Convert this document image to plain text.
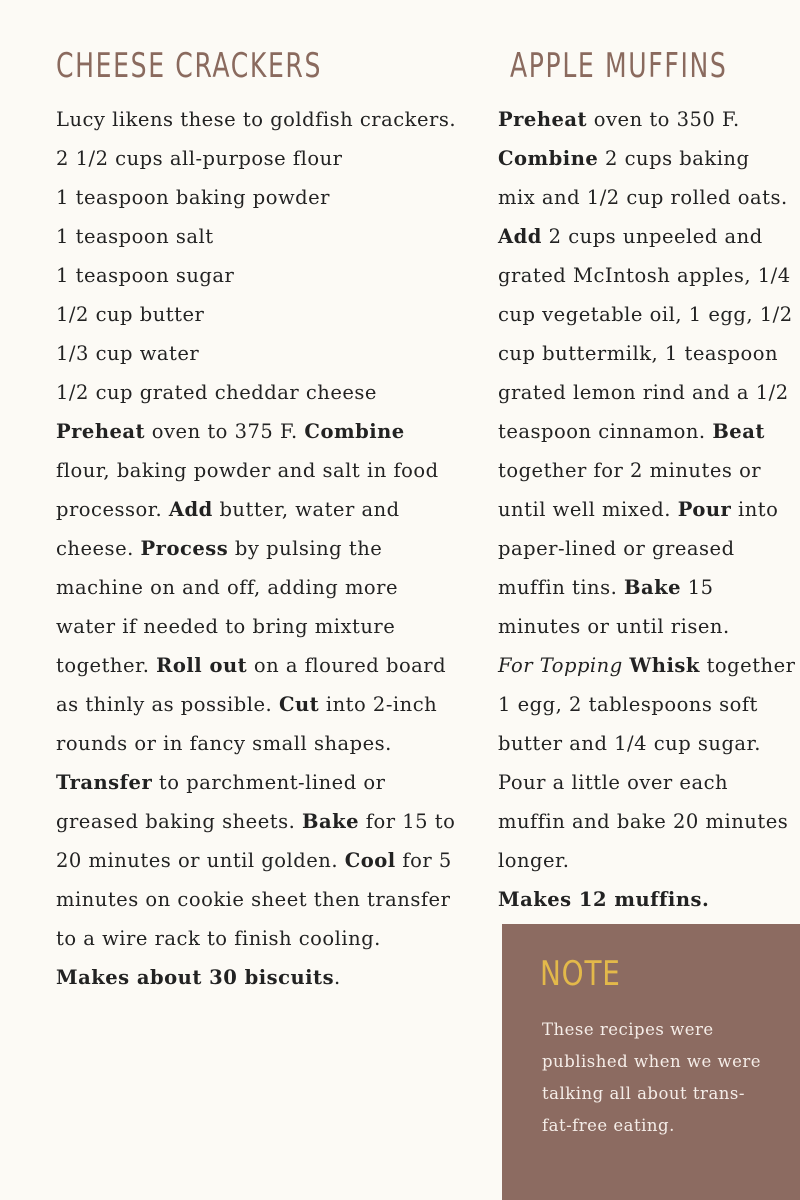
CHEESE CRACKERS

Lucy likens these to goldfish crackers.

2 1/2 cups all-purpose flour

1 teaspoon baking powder

1 teaspoon salt

1 teaspoon sugar

1/2 cup butter

1/3 cup water

1/2 cup grated cheddar cheese

Preheat oven to 375 F. Combine

flour, baking powder and salt in food

processor. Add butter, water and

cheese. Process by pulsing the

machine on and off, adding more

water if needed to bring mixture

together. Roll out on a floured board

as thinly as possible. Cut into 2-inch

rounds or in fancy small shapes.

Transfer to parchment-lined or

greased baking sheets. Bake for 15 to

20 minutes or until golden. Cool for 5

minutes on cookie sheet then transfer

to a wire rack to finish cooling.

Makes about 30 biscuits.

APPLE MUFFINS

Preheat oven to 350 F.

Combine 2 cups baking

mix and 1/2 cup rolled oats.

Add 2 cups unpeeled and

grated McIntosh apples, 1/4

cup vegetable oil, 1 egg, 1/2

cup buttermilk, 1 teaspoon

grated lemon rind and a 1/2

teaspoon cinnamon. Beat

together for 2 minutes or

until well mixed. Pour into

paper-lined or greased

muffin tins. Bake 15

minutes or until risen.

For Topping Whisk together

1 egg, 2 tablespoons soft

butter and 1/4 cup sugar.

Pour a little over each

muffin and bake 20 minutes

longer.

Makes 12 muffins.

NOTE

These recipes were

published when we were

talking all about trans-

fat-free eating.
